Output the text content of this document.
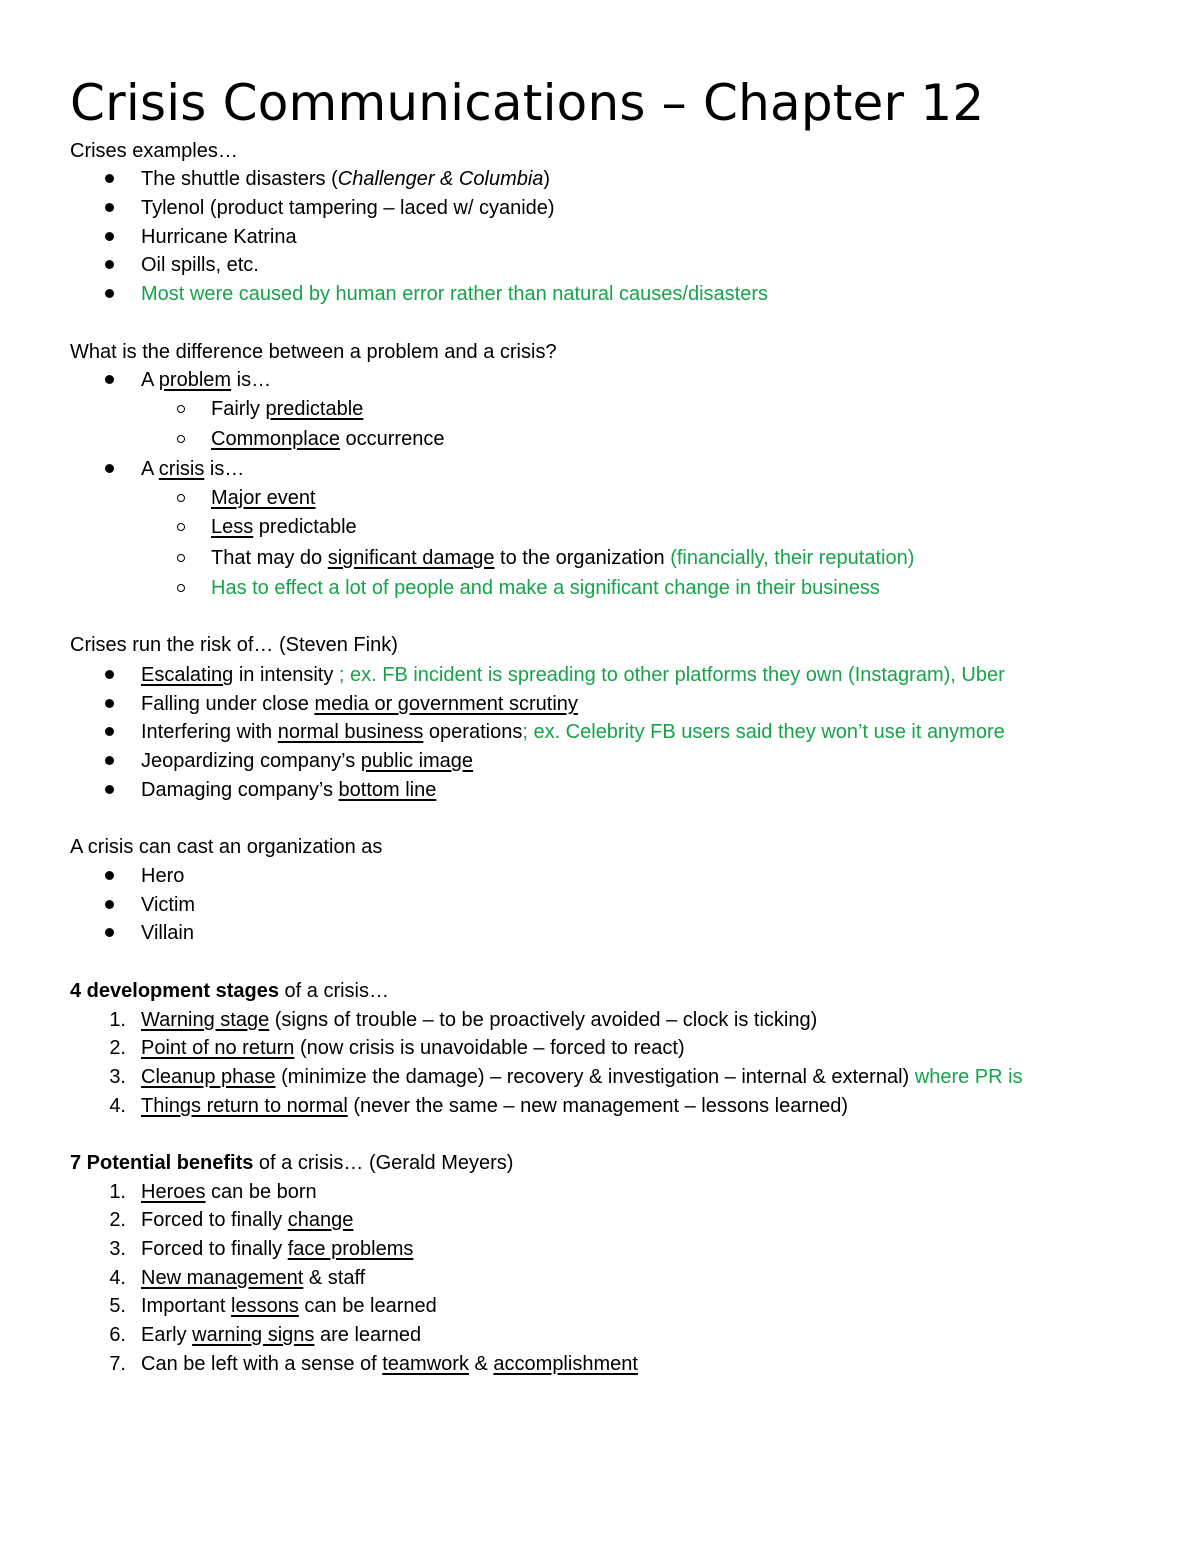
Crisis Communications – Chapter 12
Crises examples…
The shuttle disasters (Challenger & Columbia)
Tylenol (product tampering – laced w/ cyanide)
Hurricane Katrina
Oil spills, etc.
Most were caused by human error rather than natural causes/disasters
What is the difference between a problem and a crisis?
A problem is…
Fairly predictable
Commonplace occurrence
A crisis is…
Major event
Less predictable
That may do significant damage to the organization (financially, their reputation)
Has to effect a lot of people and make a significant change in their business
Crises run the risk of… (Steven Fink)
Escalating in intensity ; ex. FB incident is spreading to other platforms they own (Instagram), Uber
Falling under close media or government scrutiny
Interfering with normal business operations; ex. Celebrity FB users said they won’t use it anymore
Jeopardizing company’s public image
Damaging company’s bottom line
A crisis can cast an organization as
Hero
Victim
Villain
4 development stages of a crisis…
1. Warning stage (signs of trouble – to be proactively avoided – clock is ticking)
2. Point of no return (now crisis is unavoidable – forced to react)
3. Cleanup phase (minimize the damage) – recovery & investigation – internal & external) where PR is
4. Things return to normal (never the same – new management – lessons learned)
7 Potential benefits of a crisis… (Gerald Meyers)
1. Heroes can be born
2. Forced to finally change
3. Forced to finally face problems
4. New management & staff
5. Important lessons can be learned
6. Early warning signs are learned
7. Can be left with a sense of teamwork & accomplishment
